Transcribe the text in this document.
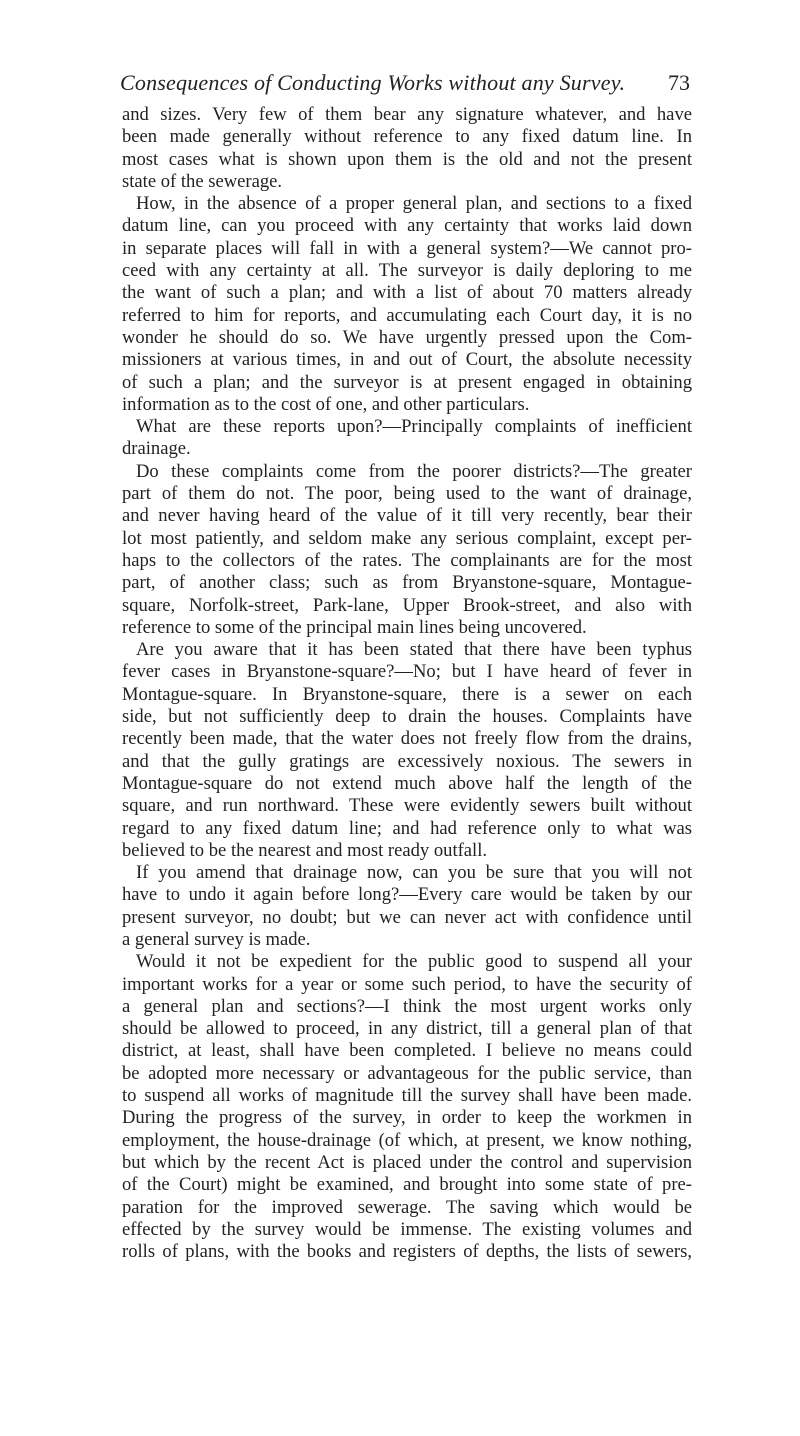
Consequences of Conducting Works without any Survey. 73
and sizes. Very few of them bear any signature whatever, and have
been made generally without reference to any fixed datum line. In
most cases what is shown upon them is the old and not the present
state of the sewerage.
How, in the absence of a proper general plan, and sections to a fixed
datum line, can you proceed with any certainty that works laid down
in separate places will fall in with a general system?—We cannot pro-
ceed with any certainty at all. The surveyor is daily deploring to me
the want of such a plan; and with a list of about 70 matters already
referred to him for reports, and accumulating each Court day, it is no
wonder he should do so. We have urgently pressed upon the Com-
missioners at various times, in and out of Court, the absolute necessity
of such a plan; and the surveyor is at present engaged in obtaining
information as to the cost of one, and other particulars.
What are these reports upon?—Principally complaints of inefficient
drainage.
Do these complaints come from the poorer districts?—The greater
part of them do not. The poor, being used to the want of drainage,
and never having heard of the value of it till very recently, bear their
lot most patiently, and seldom make any serious complaint, except per-
haps to the collectors of the rates. The complainants are for the most
part, of another class; such as from Bryanstone-square, Montague-
square, Norfolk-street, Park-lane, Upper Brook-street, and also with
reference to some of the principal main lines being uncovered.
Are you aware that it has been stated that there have been typhus
fever cases in Bryanstone-square?—No; but I have heard of fever in
Montague-square. In Bryanstone-square, there is a sewer on each
side, but not sufficiently deep to drain the houses. Complaints have
recently been made, that the water does not freely flow from the drains,
and that the gully gratings are excessively noxious. The sewers in
Montague-square do not extend much above half the length of the
square, and run northward. These were evidently sewers built without
regard to any fixed datum line; and had reference only to what was
believed to be the nearest and most ready outfall.
If you amend that drainage now, can you be sure that you will not
have to undo it again before long?—Every care would be taken by our
present surveyor, no doubt; but we can never act with confidence until
a general survey is made.
Would it not be expedient for the public good to suspend all your
important works for a year or some such period, to have the security of
a general plan and sections?—I think the most urgent works only
should be allowed to proceed, in any district, till a general plan of that
district, at least, shall have been completed. I believe no means could
be adopted more necessary or advantageous for the public service, than
to suspend all works of magnitude till the survey shall have been made.
During the progress of the survey, in order to keep the workmen in
employment, the house-drainage (of which, at present, we know nothing,
but which by the recent Act is placed under the control and supervision
of the Court) might be examined, and brought into some state of pre-
paration for the improved sewerage. The saving which would be
effected by the survey would be immense. The existing volumes and
rolls of plans, with the books and registers of depths, the lists of sewers,
